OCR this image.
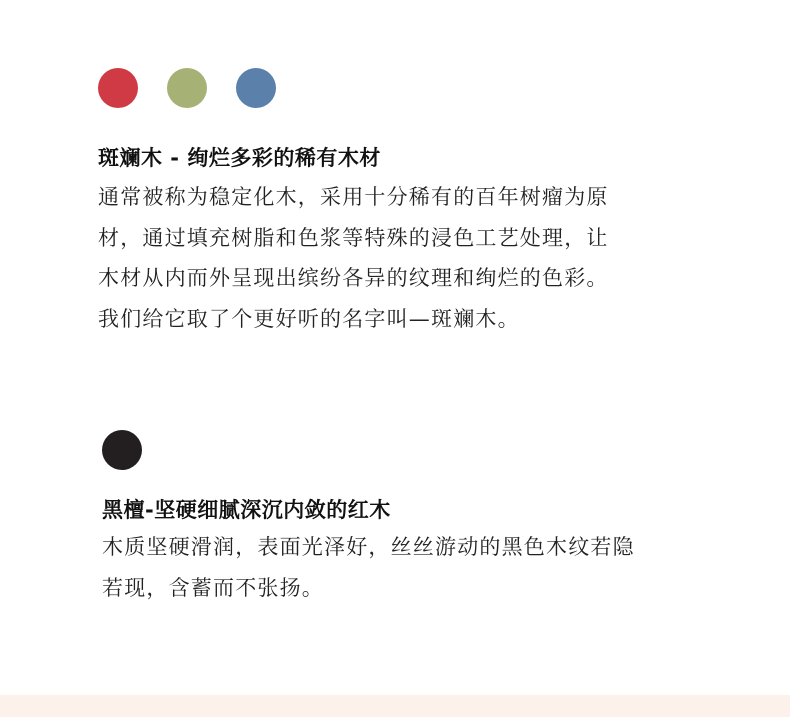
斑斓木 - 绚烂多彩的稀有木材
通常被称为稳定化木，采用十分稀有的百年树瘤为原
材，通过填充树脂和色浆等特殊的浸色工艺处理，让
木材从内而外呈现出缤纷各异的纹理和绚烂的色彩。
我们给它取了个更好听的名字叫—斑斓木。
黑檀-坚硬细腻深沉内敛的红木
木质坚硬滑润，表面光泽好，丝丝游动的黑色木纹若隐
若现，含蓄而不张扬。
